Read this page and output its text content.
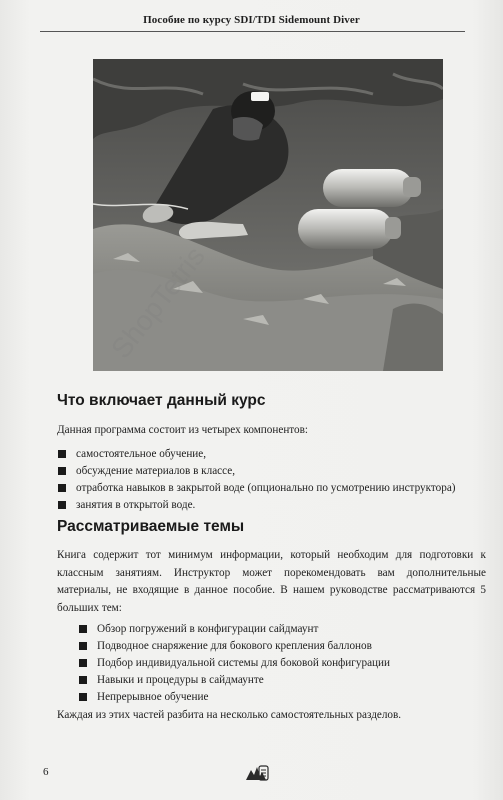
Пособие по курсу SDI/TDI Sidemount Diver
Что включает данный курс
Данная программа состоит из четырех компонентов:
самостоятельное обучение,
обсуждение материалов в классе,
отработка навыков в закрытой воде (опционально по усмотрению инструктора)
занятия в открытой воде.
Рассматриваемые темы
Книга содержит тот минимум информации, который необходим для подготовки к классным занятиям. Инструктор может порекомендовать вам дополнительные материалы, не входящие в данное пособие. В нашем руководстве рассматриваются 5 больших тем:
Обзор погружений в конфигурации сайдмаунт
Подводное снаряжение для бокового крепления баллонов
Подбор индивидуальной системы для боковой конфигурации
Навыки и процедуры в сайдмаунте
Непрерывное обучение
Каждая из этих частей разбита на несколько самостоятельных разделов.
6
